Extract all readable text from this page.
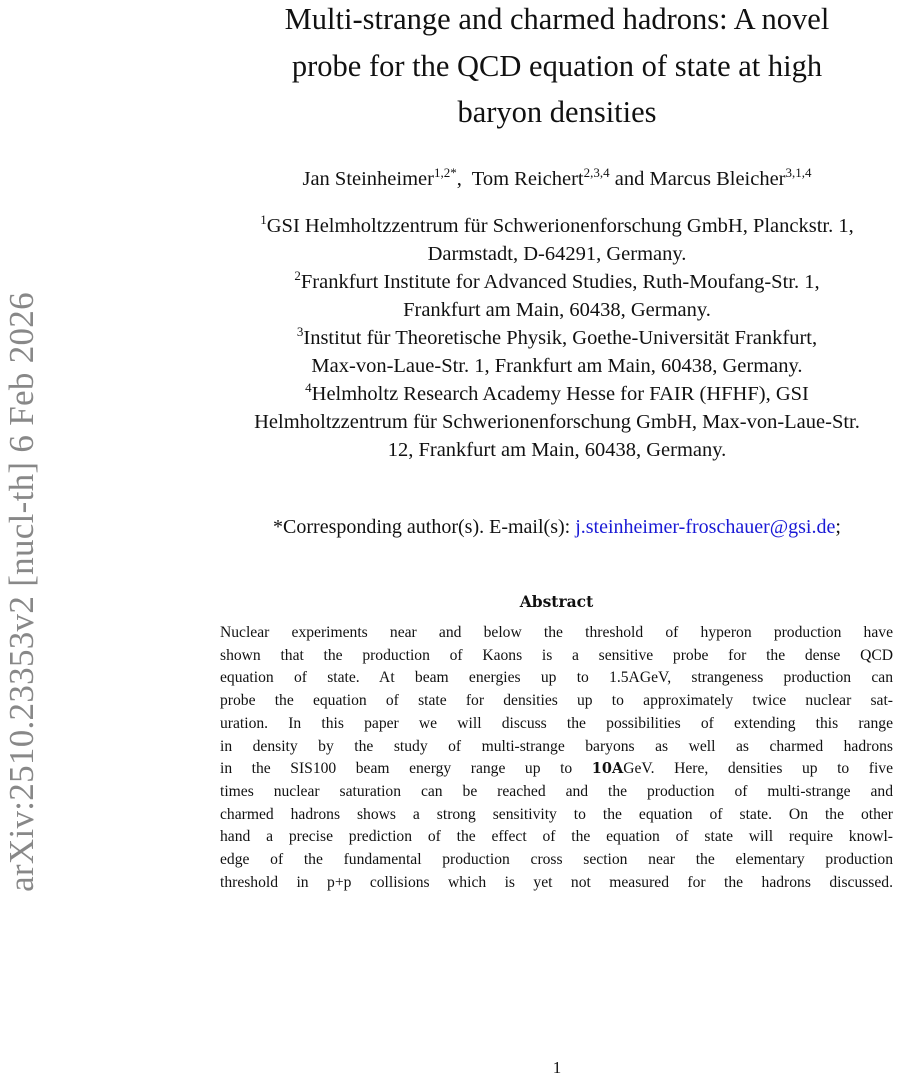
arXiv:2510.23353v2 [nucl-th] 6 Feb 2026
Multi-strange and charmed hadrons: A novel
probe for the QCD equation of state at high
baryon densities
Jan Steinheimer$^{1,2*}$,  Tom Reichert$^{2,3,4}$ and Marcus Bleicher$^{3,1,4}$
$^1$GSI Helmholtzzentrum für Schwerionenforschung GmbH, Planckstr. 1,
Darmstadt, D-64291, Germany.
$^2$Frankfurt Institute for Advanced Studies, Ruth-Moufang-Str. 1,
Frankfurt am Main, 60438, Germany.
$^3$Institut für Theoretische Physik, Goethe-Universität Frankfurt,
Max-von-Laue-Str. 1, Frankfurt am Main, 60438, Germany.
$^4$Helmholtz Research Academy Hesse for FAIR (HFHF), GSI
Helmholtzzentrum für Schwerionenforschung GmbH, Max-von-Laue-Str.
12, Frankfurt am Main, 60438, Germany.
*Corresponding author(s). E-mail(s): j.steinheimer-froschauer@gsi.de;
Abstract
Nuclear experiments near and below the threshold of hyperon production have
shown that the production of Kaons is a sensitive probe for the dense QCD
equation of state. At beam energies up to 1.5AGeV, strangeness production can
probe the equation of state for densities up to approximately twice nuclear sat-
uration. In this paper we will discuss the possibilities of extending this range
in density by the study of multi-strange baryons as well as charmed hadrons
in the SIS100 beam energy range up to 10AGeV. Here, densities up to five
times nuclear saturation can be reached and the production of multi-strange and
charmed hadrons shows a strong sensitivity to the equation of state. On the other
hand a precise prediction of the effect of the equation of state will require knowl-
edge of the fundamental production cross section near the elementary production
threshold in p+p collisions which is yet not measured for the hadrons discussed.
1
